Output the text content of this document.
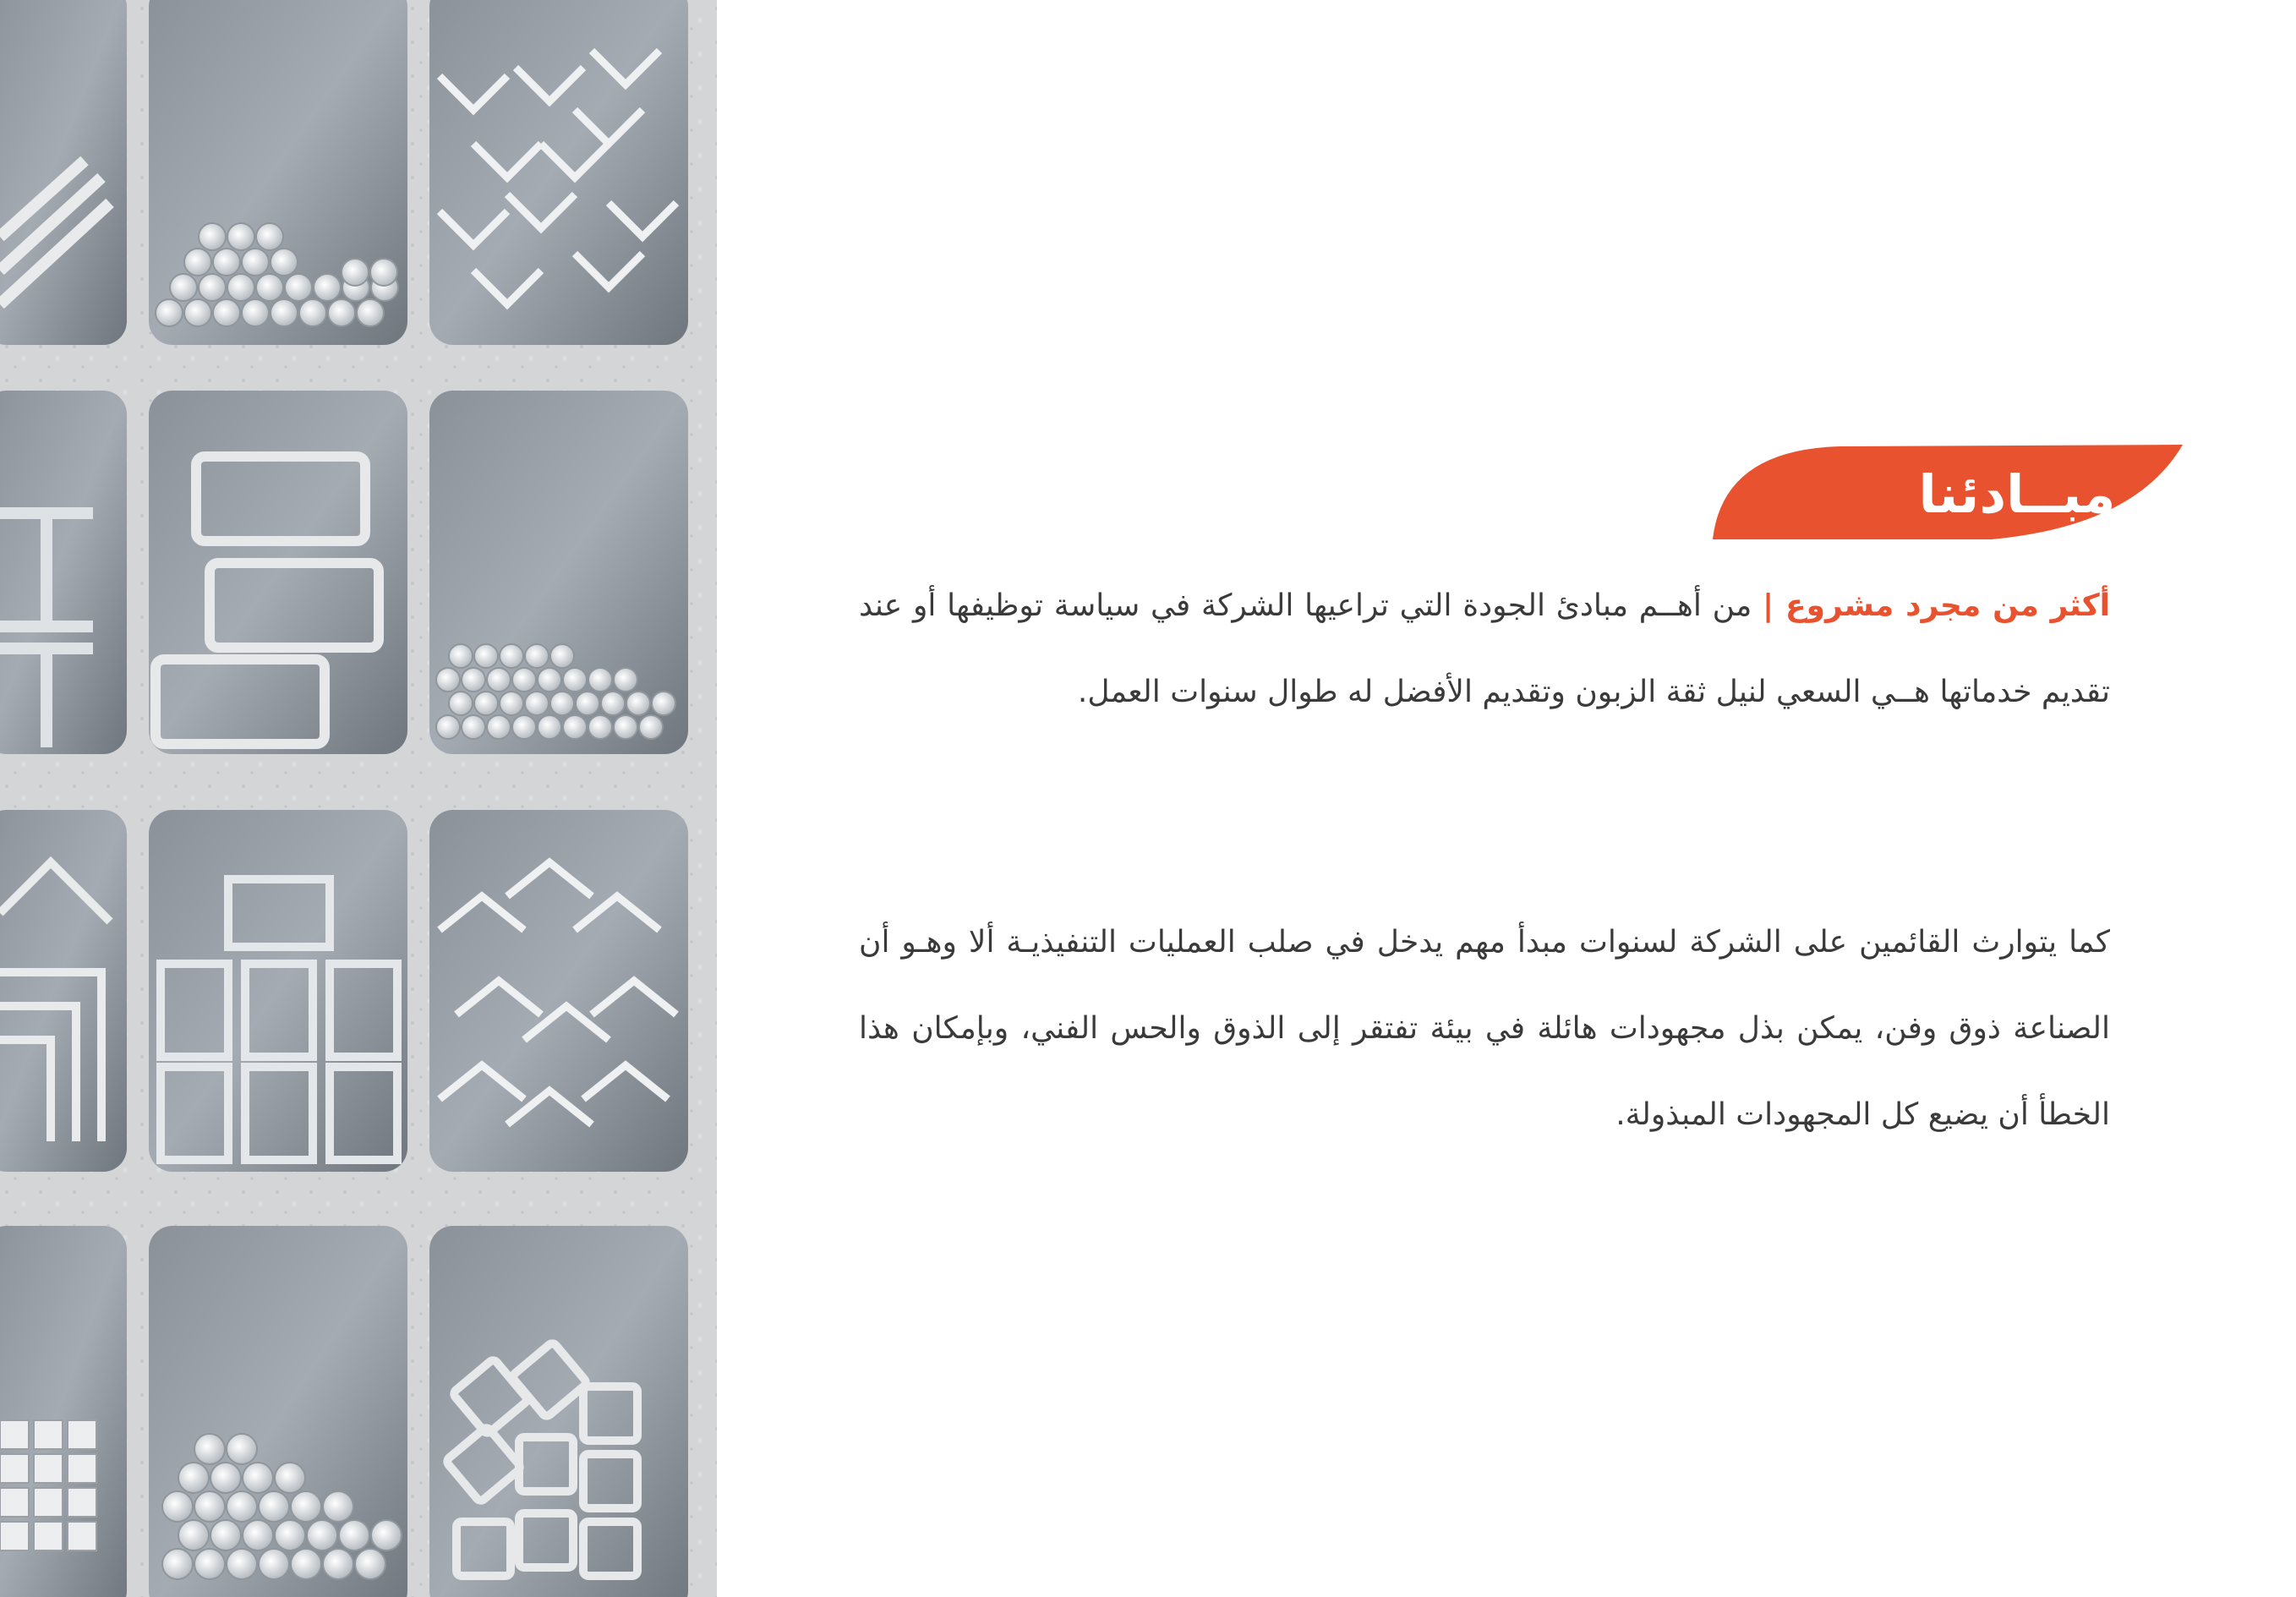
مبــادئنا

أكثر من مجرد مشروع | من أهــم مبادئ الجودة التي تراعيها الشركة في سياسة توظيفها أو عند تقديم خدماتها هــي السعي لنيل ثقة الزبون وتقديم الأفضل له طوال سنوات العمل.

كما يتوارث القائمين على الشركة لسنوات مبدأ مهم يدخل في صلب العمليات التنفيذيـة ألا وهـو أن الصناعة ذوق وفن، يمكن بذل مجهودات هائلة في بيئة تفتقر إلى الذوق والحس الفني، وبإمكان هذا الخطأ أن يضيع كل المجهودات المبذولة.
